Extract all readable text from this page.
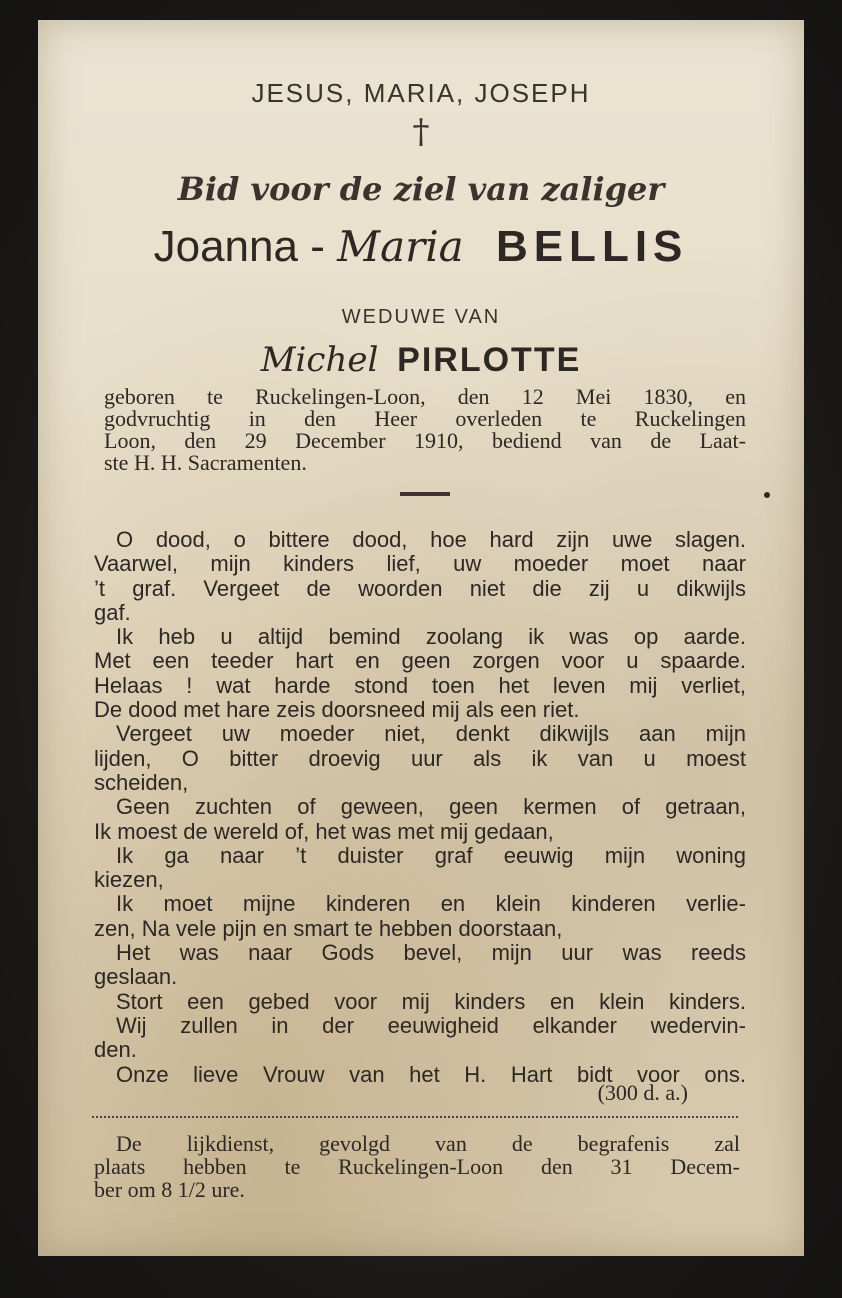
JESUS, MARIA, JOSEPH
†
Bid voor de ziel van zaliger
Joanna - Maria BELLIS
WEDUWE VAN
Michel PIRLOTTE
geboren te Ruckelingen-Loon, den 12 Mei 1830, en
godvruchtig in den Heer overleden te Ruckelingen
Loon, den 29 December 1910, bediend van de Laat-
ste H. H. Sacramenten.
O dood, o bittere dood, hoe hard zijn uwe slagen.
Vaarwel, mijn kinders lief, uw moeder moet naar
’t graf. Vergeet de woorden niet die zij u dikwijls
gaf.
Ik heb u altijd bemind zoolang ik was op aarde.
Met een teeder hart en geen zorgen voor u spaarde.
Helaas ! wat harde stond toen het leven mij verliet,
De dood met hare zeis doorsneed mij als een riet.
Vergeet uw moeder niet, denkt dikwijls aan mijn
lijden, O bitter droevig uur als ik van u moest
scheiden,
Geen zuchten of geween, geen kermen of getraan,
Ik moest de wereld of, het was met mij gedaan,
Ik ga naar ’t duister graf eeuwig mijn woning
kiezen,
Ik moet mijne kinderen en klein kinderen verlie-
zen, Na vele pijn en smart te hebben doorstaan,
Het was naar Gods bevel, mijn uur was reeds
geslaan.
Stort een gebed voor mij kinders en klein kinders.
Wij zullen in der eeuwigheid elkander wedervin-
den.
Onze lieve Vrouw van het H. Hart bidt voor ons.
(300 d. a.)
De lijkdienst, gevolgd van de begrafenis zal
plaats hebben te Ruckelingen-Loon den 31 Decem-
ber om 8 1/2 ure.
